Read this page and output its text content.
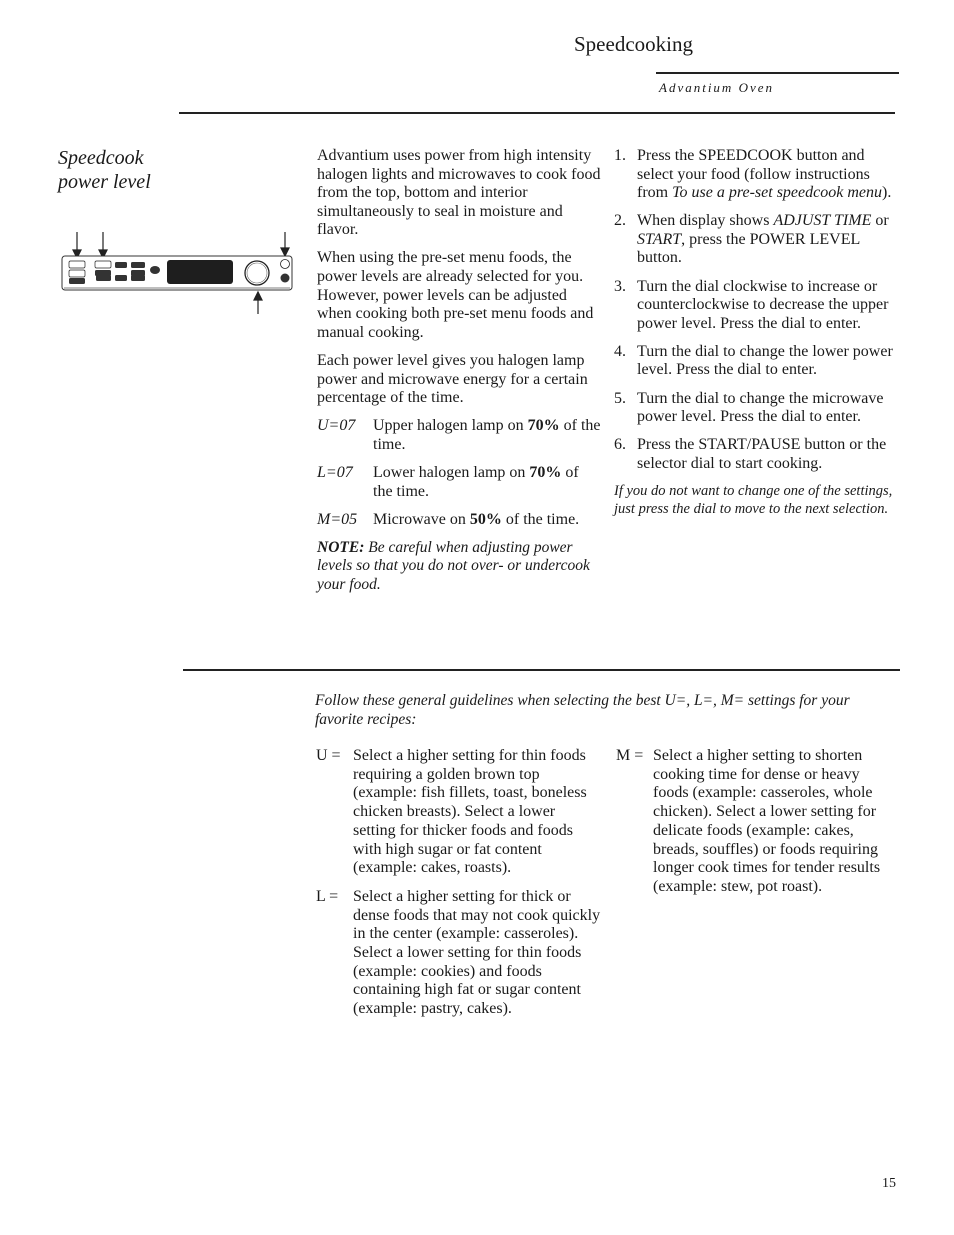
Speedcooking
Advantium Oven
Speedcook
power level

Advantium uses power from high intensity halogen lights and microwaves to cook food from the top, bottom and interior simultaneously to seal in moisture and flavor.

When using the pre-set menu foods, the power levels are already selected for you. However, power levels can be adjusted when cooking both pre-set menu foods and manual cooking.

Each power level gives you halogen lamp power and microwave energy for a certain percentage of the time.

U=07	Upper halogen lamp on 70% of the time.
L=07	Lower halogen lamp on 70% of the time.
M=05 Microwave on 50% of the time.

NOTE: Be careful when adjusting power levels so that you do not over- or undercook your food.

1. Press the SPEEDCOOK button and select your food (follow instructions from To use a pre-set speedcook menu).
2. When display shows ADJUST TIME or START, press the POWER LEVEL button.
3. Turn the dial clockwise to increase or counterclockwise to decrease the upper power level. Press the dial to enter.
4. Turn the dial to change the lower power level. Press the dial to enter.
5. Turn the dial to change the microwave power level. Press the dial to enter.
6. Press the START/PAUSE button or the selector dial to start cooking.

If you do not want to change one of the settings, just press the dial to move to the next selection.

Follow these general guidelines when selecting the best U=, L=, M= settings for your favorite recipes:
U = Select a higher setting for thin foods requiring a golden brown top (example: fish fillets, toast, boneless chicken breasts). Select a lower setting for thicker foods and foods with high sugar or fat content (example: cakes, roasts).
L = Select a higher setting for thick or dense foods that may not cook quickly in the center (example: casseroles). Select a lower setting for thin foods (example: cookies) and foods containing high fat or sugar content (example: pastry, cakes).
M = Select a higher setting to shorten cooking time for dense or heavy foods (example: casseroles, whole chicken). Select a lower setting for delicate foods (example: cakes, breads, souffles) or foods requiring longer cook times for tender results (example: stew, pot roast).
15
